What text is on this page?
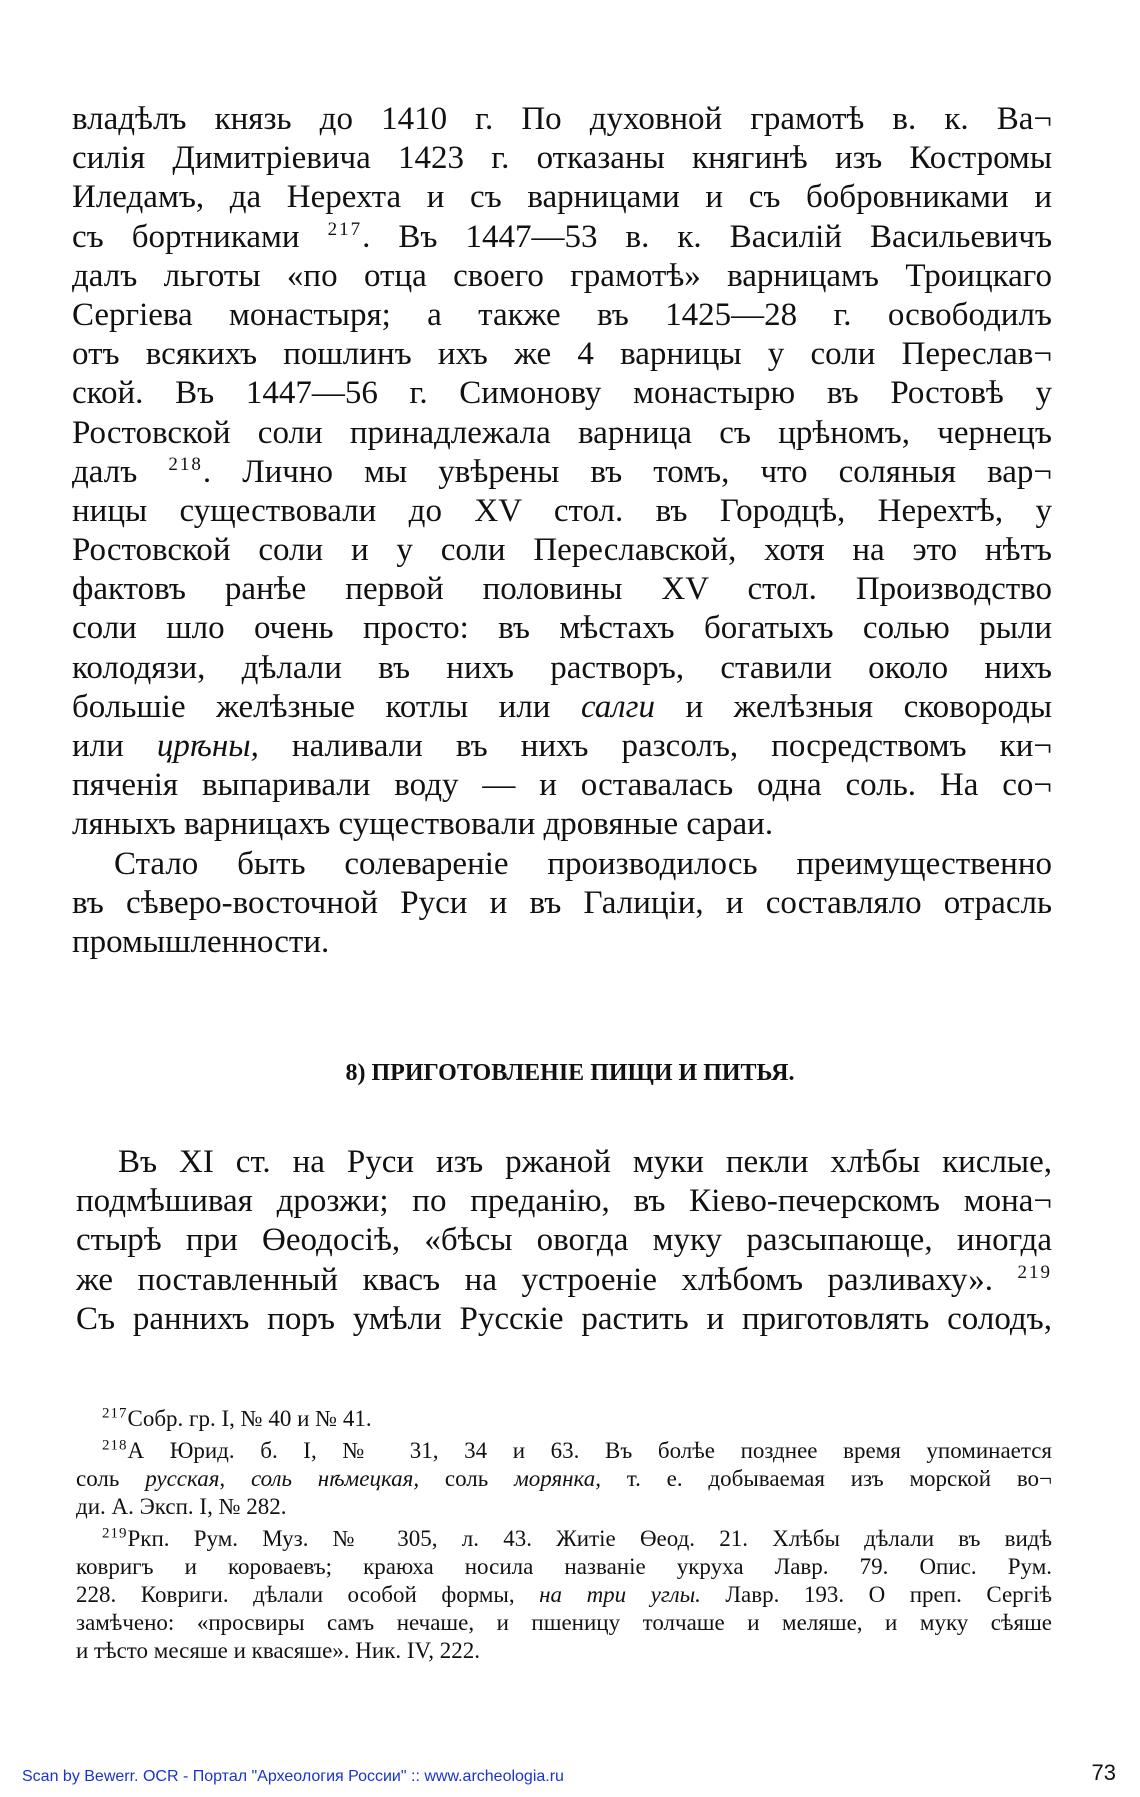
владѣлъ князь до 1410 г. По духовной грамотѣ в. к. Ва¬
силія Димитріевича 1423 г. отказаны княгинѣ изъ Костромы
Иледамъ, да Нерехта и съ варницами и съ бобровниками и
съ бортниками $^{217}$. Въ 1447—53 в. к. Василій Васильевичъ
далъ льготы «по отца своего грамотѣ» варницамъ Троицкаго
Сергіева монастыря; а также въ 1425—28 г. освободилъ
отъ всякихъ пошлинъ ихъ же 4 варницы у соли Переслав¬
ской. Въ 1447—56 г. Симонову монастырю въ Ростовѣ у
Ростовской соли принадлежала варница съ црѣномъ, чернецъ
далъ $^{218}$. Лично мы увѣрены въ томъ, что соляныя вар¬
ницы существовали до XV стол. въ Городцѣ, Нерехтѣ, у
Ростовской соли и у соли Переславской, хотя на это нѣтъ
фактовъ ранѣе первой половины XV стол. Производство
соли шло очень просто: въ мѣстахъ богатыхъ солью рыли
колодязи, дѣлали въ нихъ растворъ, ставили около нихъ
большіе желѣзные котлы или салги и желѣзныя сковороды
или црѣны, наливали въ нихъ разсолъ, посредствомъ ки¬
пяченія выпаривали воду — и оставалась одна соль. На со¬
ляныхъ варницахъ существовали дровяные сараи.
Стало быть солевареніе производилось преимущественно
въ сѣверо-восточной Руси и въ Галиціи, и составляло отрасль
промышленности.
8) ПРИГОТОВЛЕНІЕ ПИЩИ И ПИТЬЯ.
Въ XI ст. на Руси изъ ржаной муки пекли хлѣбы кислые,
подмѣшивая дрозжи; по преданію, въ Кіево-печерскомъ мона¬
стырѣ при Өеодосіѣ, «бѣсы овогда муку разсыпающе, иногда
же поставленный квасъ на устроеніе хлѣбомъ разливаху». $^{219}$
Съ раннихъ поръ умѣли Русскіе растить и приготовлять солодъ,
$^{217}$Собр. гр. I, № 40 и № 41.
$^{218}$А Юрид. б. I, № 31, 34 и 63. Въ болѣе позднее время упоминается
соль русская, соль нѣмецкая, соль морянка, т. е. добываемая изъ морской во¬
ди. А. Эксп. I, № 282.
$^{219}$Ркп. Рум. Муз. № 305, л. 43. Житіе Өеод. 21. Хлѣбы дѣлали въ видѣ
ковригъ и короваевъ; краюха носила названіе укруха Лавр. 79. Опис. Рум.
228. Ковриги. дѣлали особой формы, на три углы. Лавр. 193. О преп. Сергіѣ
замѣчено: «просвиры самъ нечаше, и пшеницу толчаше и меляше, и муку сѣяше
и тѣсто месяше и квасяше». Ник. IV, 222.
Scan by Bewerr. OCR - Портал "Археология России" :: www.archeologia.ru	73
